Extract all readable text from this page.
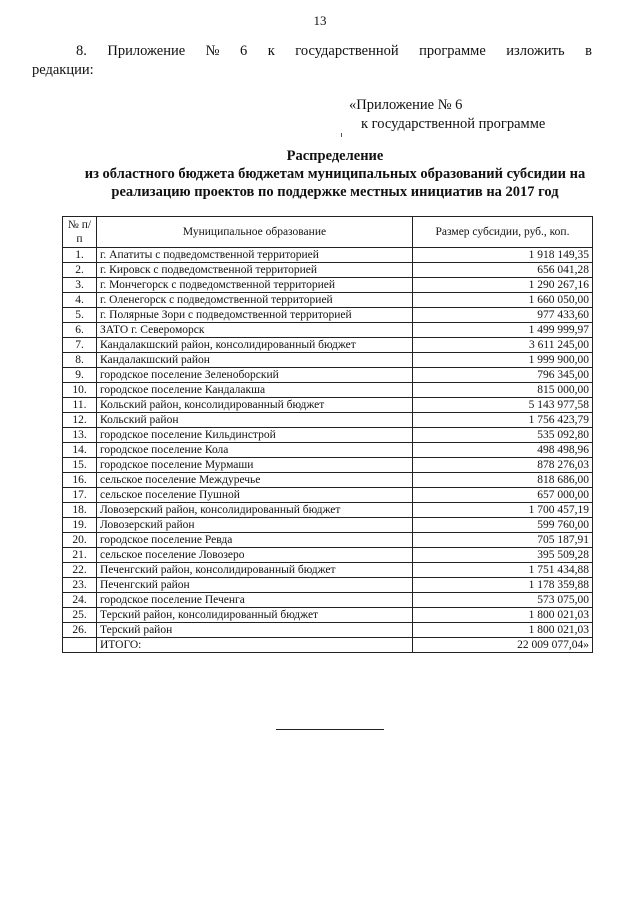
13
8. Приложение № 6 к государственной программе изложить в
редакции:
«Приложение № 6
к государственной программе
Распределение
из областного бюджета бюджетам муниципальных образований субсидии на
реализацию проектов по поддержке местных инициатив на 2017 год
№ п/п	Муниципальное образование	Размер субсидии, руб., коп.
1.	г. Апатиты с подведомственной территорией	1 918 149,35
2.	г. Кировск с подведомственной территорией	656 041,28
3.	г. Мончегорск с подведомственной территорией	1 290 267,16
4.	г. Оленегорск с подведомственной территорией	1 660 050,00
5.	г. Полярные Зори с подведомственной территорией	977 433,60
6.	ЗАТО г. Североморск	1 499 999,97
7.	Кандалакшский район, консолидированный бюджет	3 611 245,00
8.	Кандалакшский район	1 999 900,00
9.	городское поселение Зеленоборский	796 345,00
10.	городское поселение Кандалакша	815 000,00
11.	Кольский район, консолидированный бюджет	5 143 977,58
12.	Кольский район	1 756 423,79
13.	городское поселение Кильдинстрой	535 092,80
14.	городское поселение Кола	498 498,96
15.	городское поселение Мурмаши	878 276,03
16.	сельское поселение Междуречье	818 686,00
17.	сельское поселение Пушной	657 000,00
18.	Ловозерский район, консолидированный бюджет	1 700 457,19
19.	Ловозерский район	599 760,00
20.	городское поселение Ревда	705 187,91
21.	сельское поселение Ловозеро	395 509,28
22.	Печенгский район, консолидированный бюджет	1 751 434,88
23.	Печенгский район	1 178 359,88
24.	городское поселение Печенга	573 075,00
25.	Терский район, консолидированный бюджет	1 800 021,03
26.	Терский район	1 800 021,03
	ИТОГО:	22 009 077,04»
